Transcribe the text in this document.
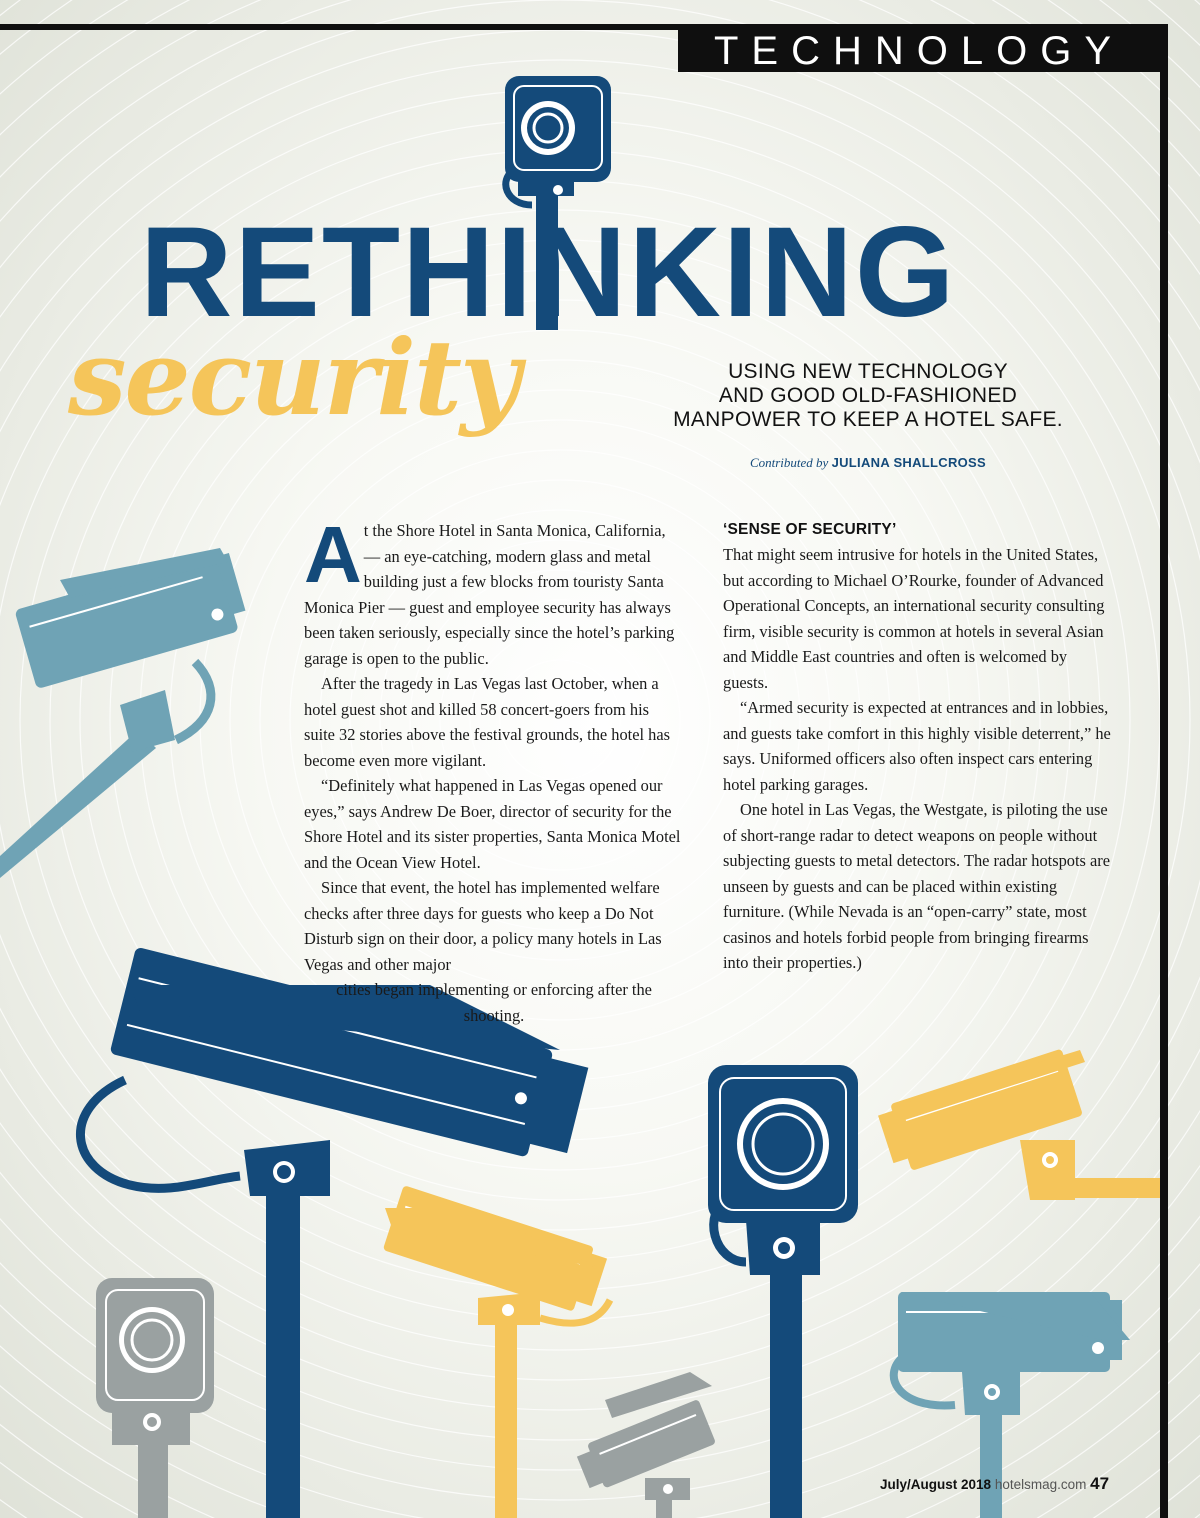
TECHNOLOGY
RETHINKING
security	USING NEW TECHNOLOGY
AND GOOD OLD-FASHIONED
MANPOWER TO KEEP A HOTEL SAFE.
Contributed by JULIANA SHALLCROSS

At the Shore Hotel in Santa Monica, California, — an eye-catching, modern glass and metal building just a few blocks from touristy Santa Monica Pier — guest and employee security has always been taken seriously, especially since the hotel’s parking garage is open to the public.

After the tragedy in Las Vegas last October, when a hotel guest shot and killed 58 concert-goers from his suite 32 stories above the festival grounds, the hotel has become even more vigilant.

“Definitely what happened in Las Vegas opened our eyes,” says Andrew De Boer, director of security for the Shore Hotel and its sister properties, Santa Monica Motel and the Ocean View Hotel.

Since that event, the hotel has implemented welfare checks after three days for guests who keep a Do Not Disturb sign on their door, a policy many hotels in Las Vegas and other major

cities began implementing or enforcing after the shooting.

‘SENSE OF SECURITY’

That might seem intrusive for hotels in the United States, but according to Michael O’Rourke, founder of Advanced Operational Concepts, an international security consulting firm, visible security is common at hotels in several Asian and Middle East countries and often is welcomed by guests.

“Armed security is expected at entrances and in lobbies, and guests take comfort in this highly visible deterrent,” he says. Uniformed officers also often inspect cars entering hotel parking garages.

One hotel in Las Vegas, the Westgate, is piloting the use of short-range radar to detect weapons on people without subjecting guests to metal detectors. The radar hotspots are unseen by guests and can be placed within existing furniture. (While Nevada is an “open-carry” state, most casinos and hotels forbid people from bringing firearms into their properties.)

July/August 2018 hotelsmag.com 47
